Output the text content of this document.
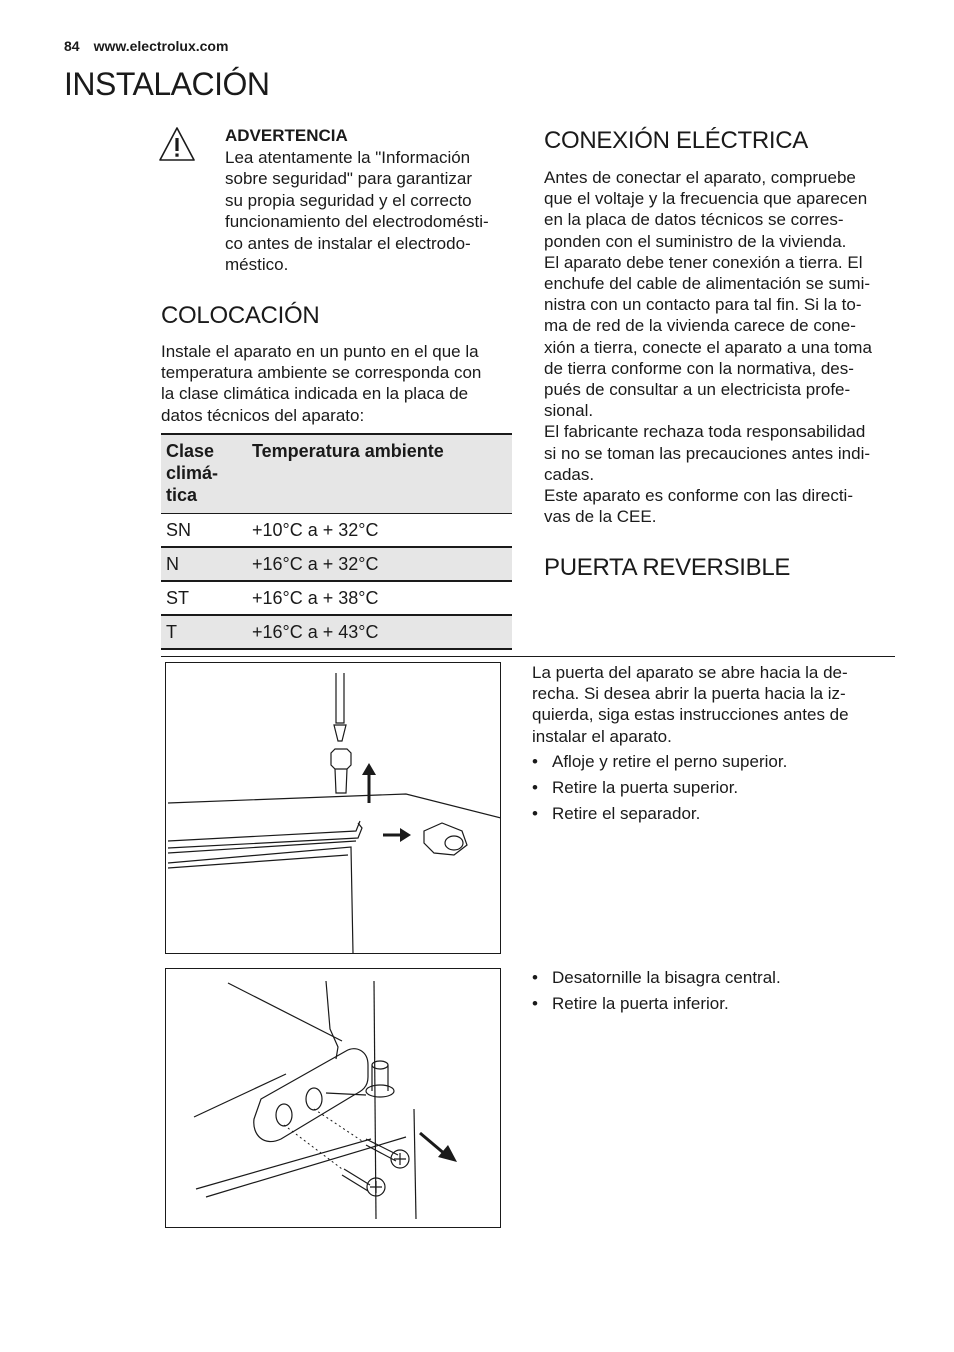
84 www.electrolux.com
INSTALACIÓN
ADVERTENCIA
Lea atentamente la "Información
sobre seguridad" para garantizar
su propia seguridad y el correcto
funcionamiento del electrodomésti-
co antes de instalar el electrodo-
méstico.
COLOCACIÓN
Instale el aparato en un punto en el que la
temperatura ambiente se corresponda con
la clase climática indicada en la placa de
datos técnicos del aparato:
Clase
climá-
tica	Temperatura ambiente
SN	+10°C a + 32°C
N	+16°C a + 32°C
ST	+16°C a + 38°C
T	+16°C a + 43°C
CONEXIÓN ELÉCTRICA
Antes de conectar el aparato, compruebe
que el voltaje y la frecuencia que aparecen
en la placa de datos técnicos se corres-
ponden con el suministro de la vivienda.
El aparato debe tener conexión a tierra. El
enchufe del cable de alimentación se sumi-
nistra con un contacto para tal fin. Si la to-
ma de red de la vivienda carece de cone-
xión a tierra, conecte el aparato a una toma
de tierra conforme con la normativa, des-
pués de consultar a un electricista profe-
sional.
El fabricante rechaza toda responsabilidad
si no se toman las precauciones antes indi-
cadas.
Este aparato es conforme con las directi-
vas de la CEE.
PUERTA REVERSIBLE
La puerta del aparato se abre hacia la de-
recha. Si desea abrir la puerta hacia la iz-
quierda, siga estas instrucciones antes de
instalar el aparato.
• Afloje y retire el perno superior.
• Retire la puerta superior.
• Retire el separador.
• Desatornille la bisagra central.
• Retire la puerta inferior.
